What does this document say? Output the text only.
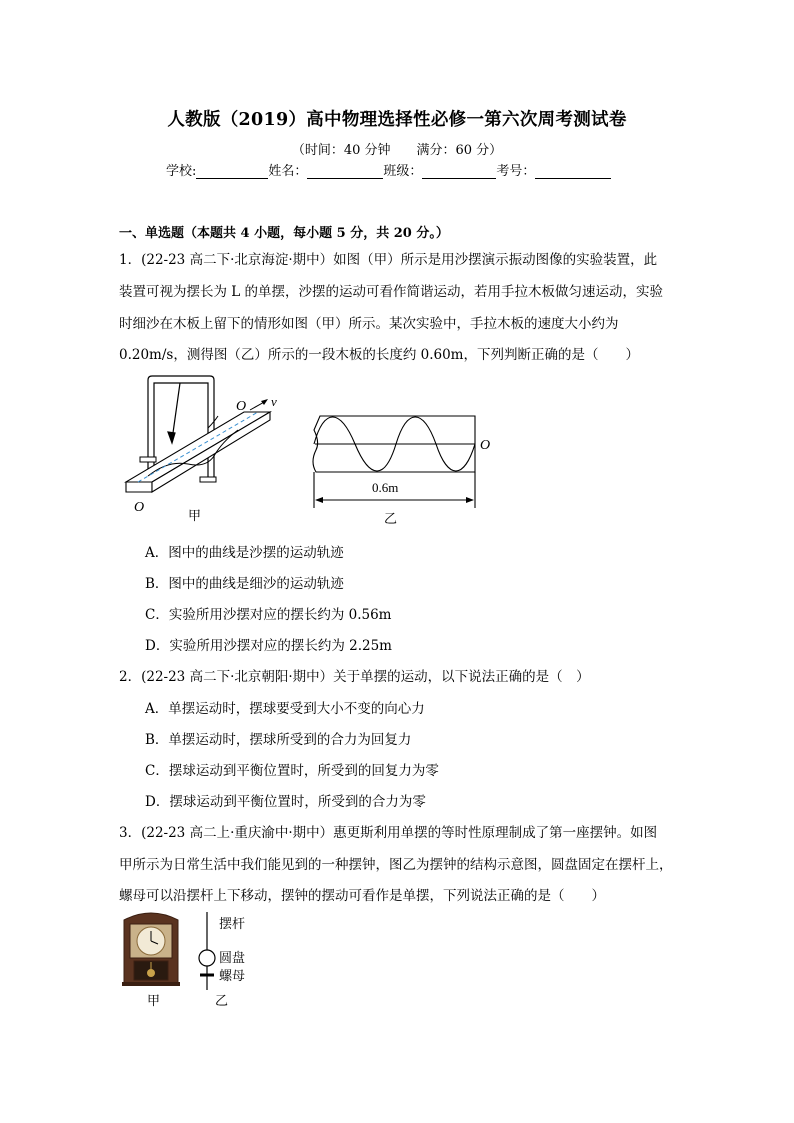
人教版（2019）高中物理选择性必修一第六次周考测试卷
（时间：40 分钟　　满分：60 分）
学校:	姓名：	班级：	考号：
一、单选题（本题共 4 小题，每小题 5 分，共 20 分。）
1．(22-23 高二下·北京海淀·期中）如图（甲）所示是用沙摆演示振动图像的实验装置，此
装置可视为摆长为 L 的单摆，沙摆的运动可看作简谐运动，若用手拉木板做匀速运动，实验
时细沙在木板上留下的情形如图（甲）所示。某次实验中，手拉木板的速度大小约为
0.20m/s，测得图（乙）所示的一段木板的长度约 0.60m，下列判断正确的是（　　）
O v
O
甲
O
0.6m
乙
A．图中的曲线是沙摆的运动轨迹
B．图中的曲线是细沙的运动轨迹
C．实验所用沙摆对应的摆长约为 0.56m
D．实验所用沙摆对应的摆长约为 2.25m
2．(22-23 高二下·北京朝阳·期中）关于单摆的运动，以下说法正确的是（　）
A．单摆运动时，摆球要受到大小不变的向心力
B．单摆运动时，摆球所受到的合力为回复力
C．摆球运动到平衡位置时，所受到的回复力为零
D．摆球运动到平衡位置时，所受到的合力为零
3．(22-23 高二上·重庆渝中·期中）惠更斯利用单摆的等时性原理制成了第一座摆钟。如图
甲所示为日常生活中我们能见到的一种摆钟，图乙为摆钟的结构示意图，圆盘固定在摆杆上，
螺母可以沿摆杆上下移动，摆钟的摆动可看作是单摆，下列说法正确的是（　　）
甲
摆杆
圆盘
螺母
乙
